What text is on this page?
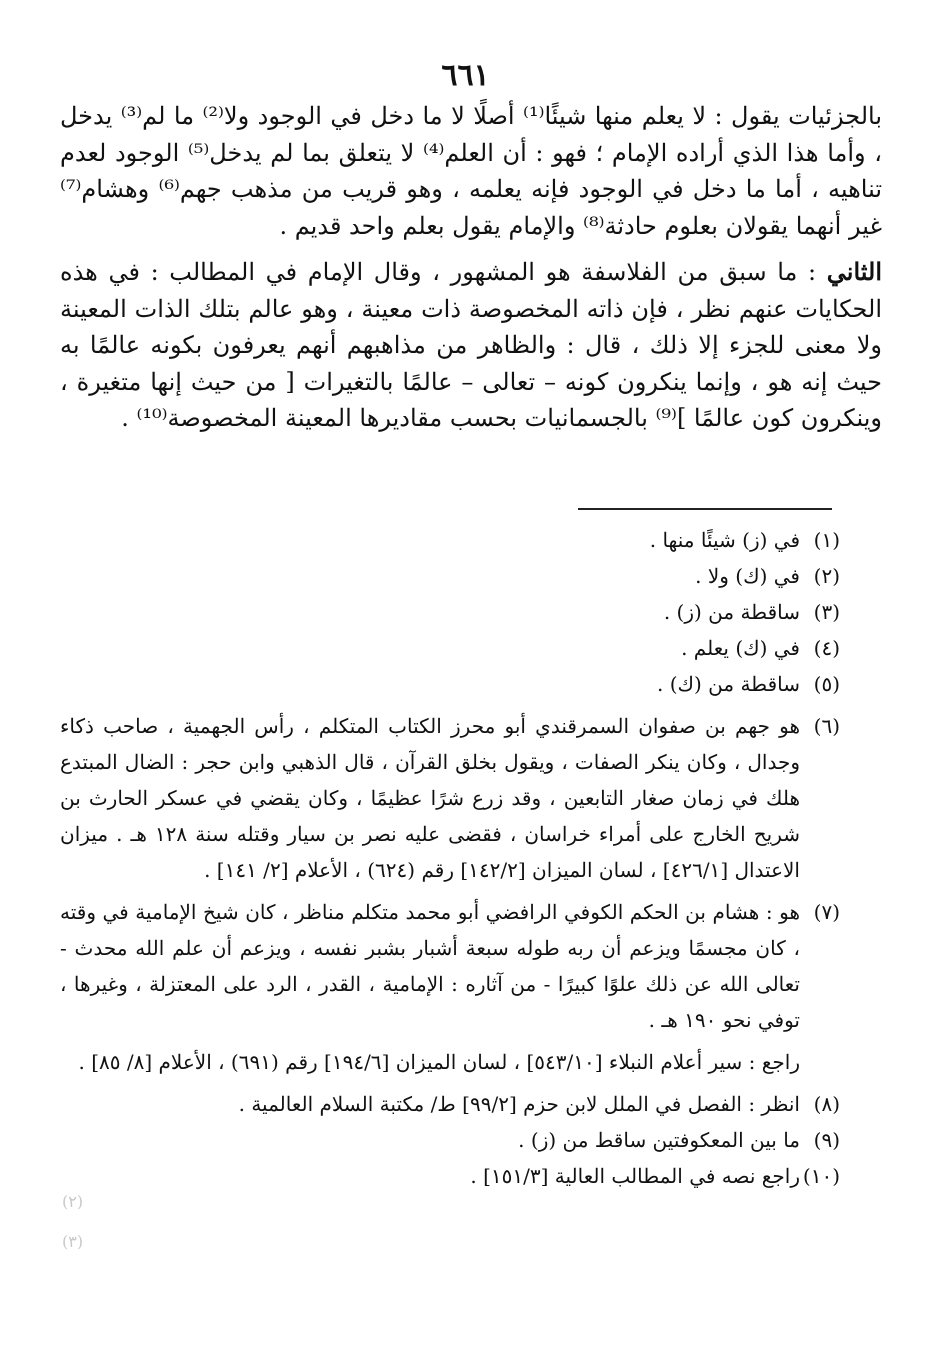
٦٦١

بالجزئيات يقول : لا يعلم منها شيئًا⁽¹⁾ أصلًا لا ما دخل في الوجود ولا⁽²⁾ ما لم⁽³⁾ يدخل ، وأما هذا الذي أراده الإمام ؛ فهو : أن العلم⁽⁴⁾ لا يتعلق بما لم يدخل⁽⁵⁾ الوجود لعدم تناهيه ، أما ما دخل في الوجود فإنه يعلمه ، وهو قريب من مذهب جهم⁽⁶⁾ وهشام⁽⁷⁾ غير أنهما يقولان بعلوم حادثة⁽⁸⁾ والإمام يقول بعلم واحد قديم .

الثاني : ما سبق من الفلاسفة هو المشهور ، وقال الإمام في المطالب : في هذه الحكايات عنهم نظر ، فإن ذاته المخصوصة ذات معينة ، وهو عالم بتلك الذات المعينة ولا معنى للجزء إلا ذلك ، قال : والظاهر من مذاهبهم أنهم يعرفون بكونه عالمًا به حيث إنه هو ، وإنما ينكرون كونه – تعالى – عالمًا بالتغيرات [ من حيث إنها متغيرة ، وينكرون كون عالمًا ]⁽⁹⁾ بالجسمانيات بحسب مقاديرها المعينة المخصوصة⁽¹⁰⁾ .

(١)
في (ز) شيئًا منها .
(٢)
في (ك) ولا .
(٣)
ساقطة من (ز) .
(٤)
في (ك) يعلم .
(٥)
ساقطة من (ك) .
(٦)
هو جهم بن صفوان السمرقندي أبو محرز الكتاب المتكلم ، رأس الجهمية ، صاحب ذكاء وجدال ، وكان ينكر الصفات ، ويقول بخلق القرآن ، قال الذهبي وابن حجر : الضال المبتدع هلك في زمان صغار التابعين ، وقد زرع شرًا عظيمًا ، وكان يقضي في عسكر الحارث بن شريح الخارج على أمراء خراسان ، فقضى عليه نصر بن سيار وقتله سنة ١٢٨ هـ . ميزان الاعتدال [٤٢٦/١] ، لسان الميزان [١٤٢/٢] رقم (٦٢٤) ، الأعلام [٢/ ١٤١] .
(٧)
هو : هشام بن الحكم الكوفي الرافضي أبو محمد متكلم مناظر ، كان شيخ الإمامية في وقته ، كان مجسمًا ويزعم أن ربه طوله سبعة أشبار بشبر نفسه ، ويزعم أن علم الله محدث - تعالى الله عن ذلك علوًا كبيرًا - من آثاره : الإمامية ، القدر ، الرد على المعتزلة ، وغيرها ، توفي نحو ١٩٠ هـ .
راجع : سير أعلام النبلاء [٥٤٣/١٠] ، لسان الميزان [١٩٤/٦] رقم (٦٩١) ، الأعلام [٨/ ٨٥] .
(٨)
انظر : الفصل في الملل لابن حزم [٩٩/٢] ط/ مكتبة السلام العالمية .
(٩)
ما بين المعكوفتين ساقط من (ز) .
(١٠)
راجع نصه في المطالب العالية [١٥١/٣] .
(٢)
(٣)
